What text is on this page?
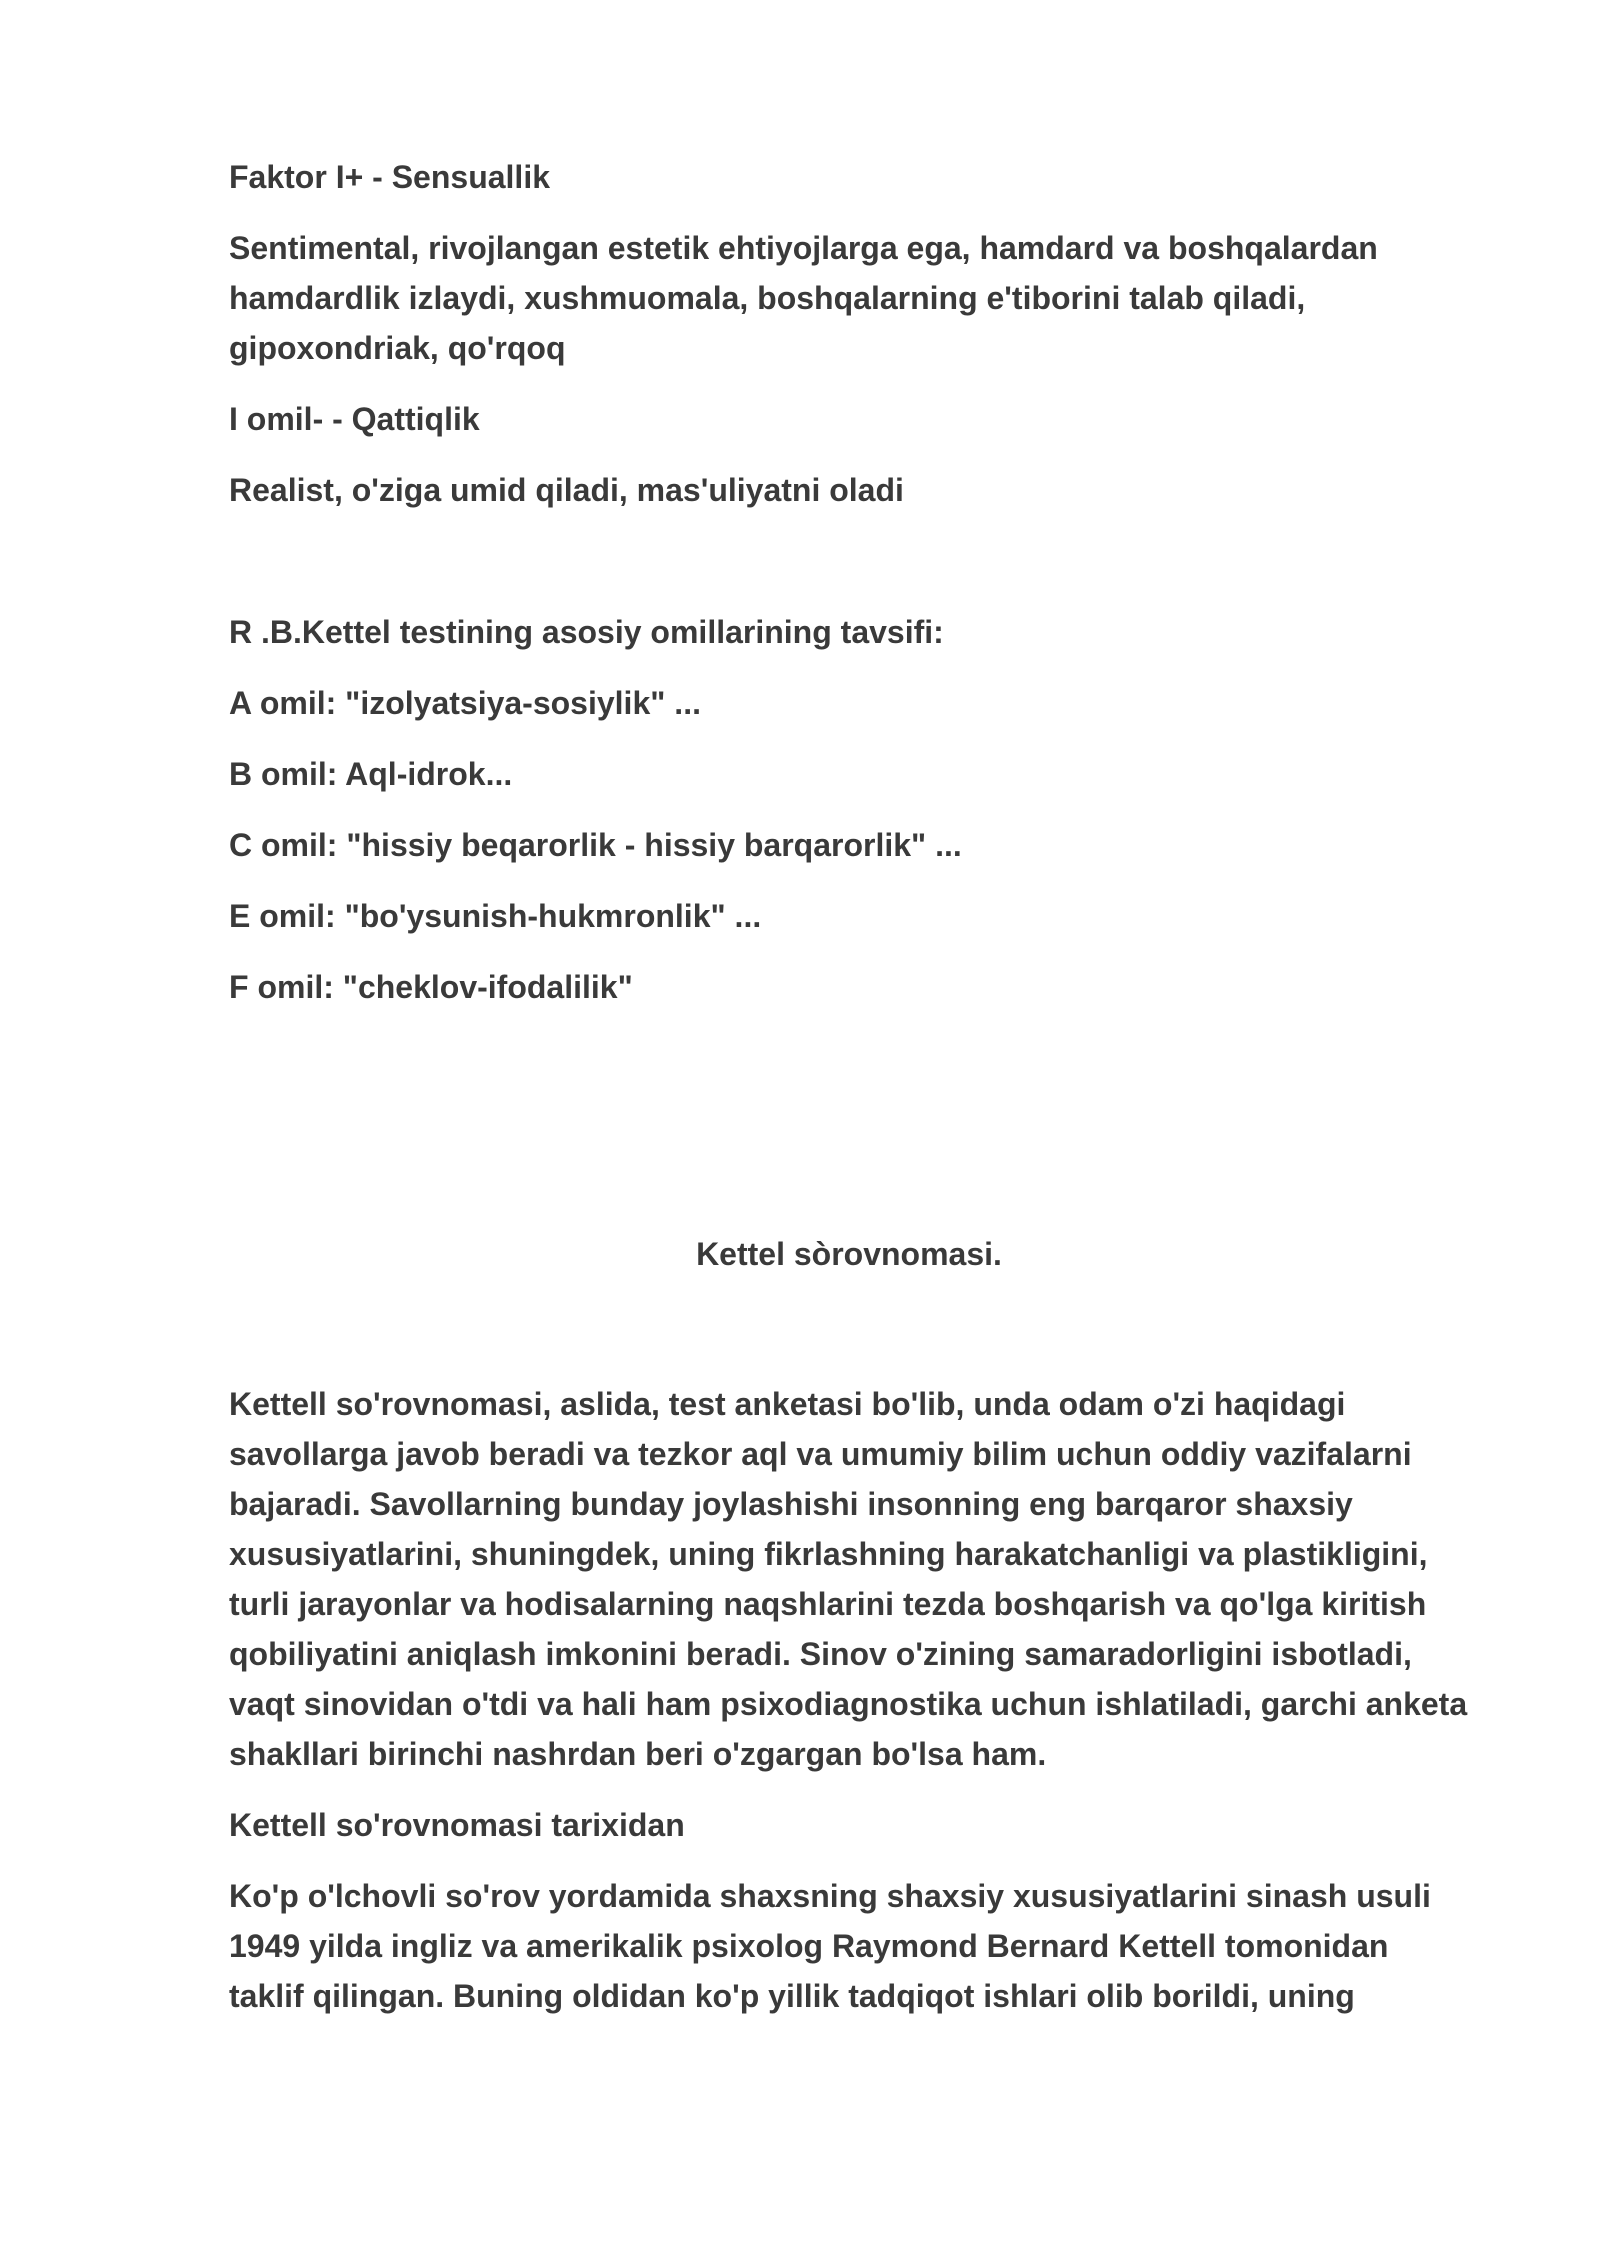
Faktor I+ - Sensuallik

Sentimental, rivojlangan estetik ehtiyojlarga ega, hamdard va boshqalardan hamdardlik izlaydi, xushmuomala, boshqalarning e'tiborini talab qiladi, gipoxondriak, qo'rqoq

I omil- - Qattiqlik

Realist, o'ziga umid qiladi, mas'uliyatni oladi

R .B.Kettel testining asosiy omillarining tavsifi:

A omil: "izolyatsiya-sosiylik" ...

B omil: Aql-idrok...

C omil: "hissiy beqarorlik - hissiy barqarorlik" ...

E omil: "bo'ysunish-hukmronlik" ...

F omil: "cheklov-ifodalilik"

Kettel sòrovnomasi.

Kettell so'rovnomasi, aslida, test anketasi bo'lib, unda odam o'zi haqidagi savollarga javob beradi va tezkor aql va umumiy bilim uchun oddiy vazifalarni bajaradi. Savollarning bunday joylashishi insonning eng barqaror shaxsiy xususiyatlarini, shuningdek, uning fikrlashning harakatchanligi va plastikligini, turli jarayonlar va hodisalarning naqshlarini tezda boshqarish va qo'lga kiritish qobiliyatini aniqlash imkonini beradi. Sinov o'zining samaradorligini isbotladi, vaqt sinovidan o'tdi va hali ham psixodiagnostika uchun ishlatiladi, garchi anketa shakllari birinchi nashrdan beri o'zgargan bo'lsa ham.

Kettell so'rovnomasi tarixidan

Ko'p o'lchovli so'rov yordamida shaxsning shaxsiy xususiyatlarini sinash usuli 1949 yilda ingliz va amerikalik psixolog Raymond Bernard Kettell tomonidan taklif qilingan. Buning oldidan ko'p yillik tadqiqot ishlari olib borildi, uning
